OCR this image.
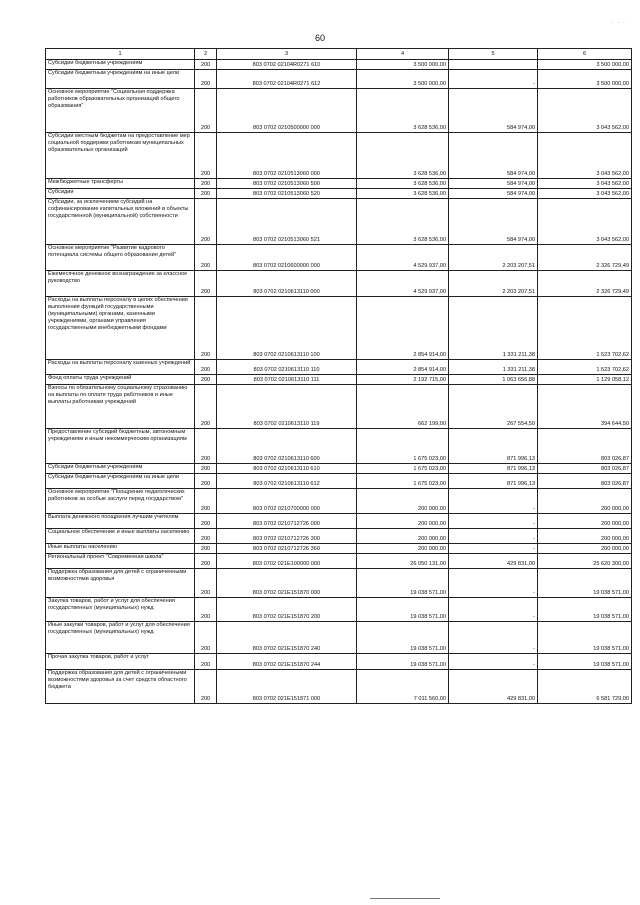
60
. . .
1	2	3	4	5	6
Субсидии бюджетным учреждениям	200	803 0702 02104R0271 610	3 500 000,00		3 500 000,00
Субсидии бюджетным учреждениям на иные цели	200	803 0702 02104R0271 612	3 500 000,00	-	3 500 000,00
Основное мероприятие "Социальная поддержка работников образовательных организаций общего образования"	200	803 0702 0210500000 000	3 628 536,00	584 974,00	3 043 562,00
Субсидии местным бюджетам на предоставление мер социальной поддержки работникам муниципальных образовательных организаций	200	803 0702 0210513060 000	3 628 536,00	584 974,00	3 043 562,00
Межбюджетные трансферты	200	803 0702 0210513060 500	3 628 536,00	584 974,00	3 043 562,00
Субсидии	200	803 0702 0210513060 520	3 628 536,00	584 974,00	3 043 562,00
Субсидии, за исключением субсидий на софинансирование капитальных вложений в объекты государственной (муниципальной) собственности	200	803 0702 0210513060 521	3 628 536,00	584 974,00	3 043 562,00
Основное мероприятие "Развитие кадрового потенциала системы общего образования детей"	200	803 0702 0210600000 000	4 529 937,00	2 203 207,51	2 326 729,49
Ежемесячное денежное вознаграждение за классное руководство	200	803 0702 0210613110 000	4 529 937,00	2 203 207,51	2 326 729,49
Расходы на выплаты персоналу в целях обеспечения выполнения функций государственными (муниципальными) органами, казенными учреждениями, органами управления государственными внебюджетными фондами	200	803 0702 0210613110 100	2 854 914,00	1 331 211,38	1 523 702,62
Расходы на выплаты персоналу казенных учреждений	200	803 0702 0210613110 110	2 854 914,00	1 331 211,38	1 523 702,62
Фонд оплаты труда учреждений	200	803 0702 0210613110 111	2 192 715,00	1 063 656,88	1 129 058,12
Взносы по обязательному социальному страхованию на выплаты по оплате труда работников и иные выплаты работникам учреждений	200	803 0702 0210613110 119	662 199,00	267 554,50	394 644,50
Предоставление субсидий бюджетным, автономным учреждениям и иным некоммерческим организациям	200	803 0702 0210613110 600	1 675 023,00	871 996,13	803 026,87
Субсидии бюджетным учреждениям	200	803 0702 0210613110 610	1 675 023,00	871 996,13	803 026,87
Субсидии бюджетным учреждениям на иные цели	200	803 0702 0210613110 612	1 675 023,00	871 996,13	803 026,87
Основное мероприятие "Поощрение педагогических работников за особые заслуги перед государством"	200	803 0702 0210700000 000	200 000,00	-	200 000,00
Выплата денежного поощрения лучшим учителям	200	803 0702 0210712726 000	200 000,00	-	200 000,00
Социальное обеспечение и иные выплаты населению	200	803 0702 0210712726 300	200 000,00	-	200 000,00
Иные выплаты населению	200	803 0702 0210712726 360	200 000,00	-	200 000,00
Региональный проект "Современная школа"	200	803 0702 021E100000 000	26 050 131,00	429 831,00	25 620 300,00
Поддержка образования для детей с ограниченными возможностями здоровья	200	803 0702 021E151870 000	19 038 571,00	-	19 038 571,00
Закупка товаров, работ и услуг для обеспечения государственных (муниципальных) нужд	200	803 0702 021E151870 200	19 038 571,00	-	19 038 571,00
Иные закупки товаров, работ и услуг для обеспечения государственных (муниципальных) нужд	200	803 0702 021E151870 240	19 038 571,00	-	19 038 571,00
Прочая закупка товаров, работ и услуг	200	803 0702 021E151870 244	19 038 571,00	-	19 038 571,00
Поддержка образования для детей с ограниченными возможностями здоровья за счет средств областного бюджета	200	803 0702 021E151871 000	7 011 560,00	429 831,00	6 581 729,00
